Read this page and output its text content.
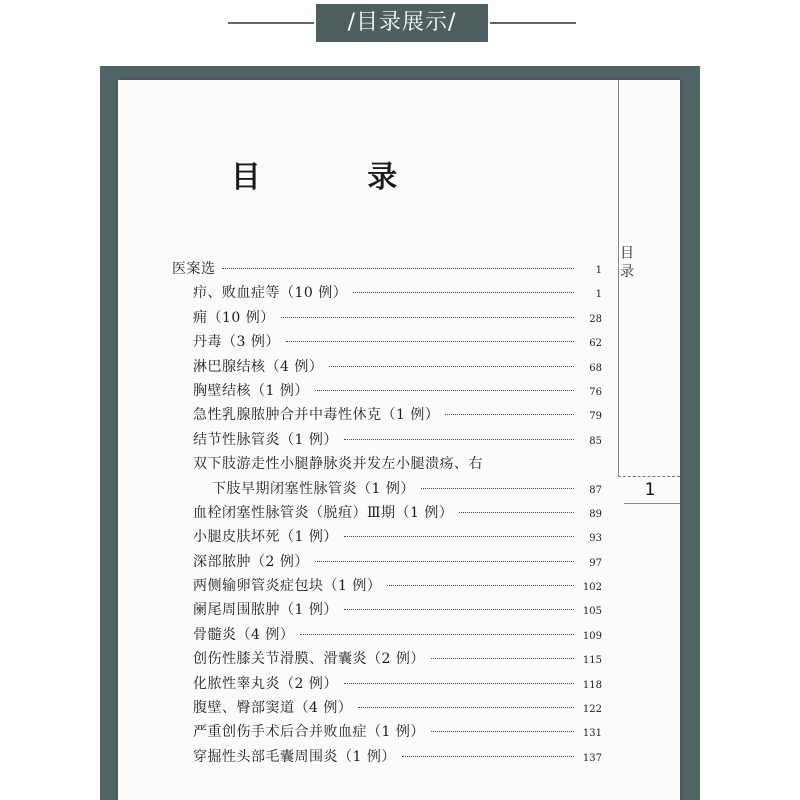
/目录展示/
目 录
目 录
1
医案选	1
疖、败血症等（10 例）	1
痈（10 例）	28
丹毒（3 例）	62
淋巴腺结核（4 例）	68
胸壁结核（1 例）	76
急性乳腺脓肿合并中毒性休克（1 例）	79
结节性脉管炎（1 例）	85
双下肢游走性小腿静脉炎并发左小腿溃疡、右
下肢早期闭塞性脉管炎（1 例）	87
血栓闭塞性脉管炎（脱疽）Ⅲ期（1 例）	89
小腿皮肤坏死（1 例）	93
深部脓肿（2 例）	97
两侧输卵管炎症包块（1 例）	102
阑尾周围脓肿（1 例）	105
骨髓炎（4 例）	109
创伤性膝关节滑膜、滑囊炎（2 例）	115
化脓性睾丸炎（2 例）	118
腹壁、臀部窦道（4 例）	122
严重创伤手术后合并败血症（1 例）	131
穿掘性头部毛囊周围炎（1 例）	137
